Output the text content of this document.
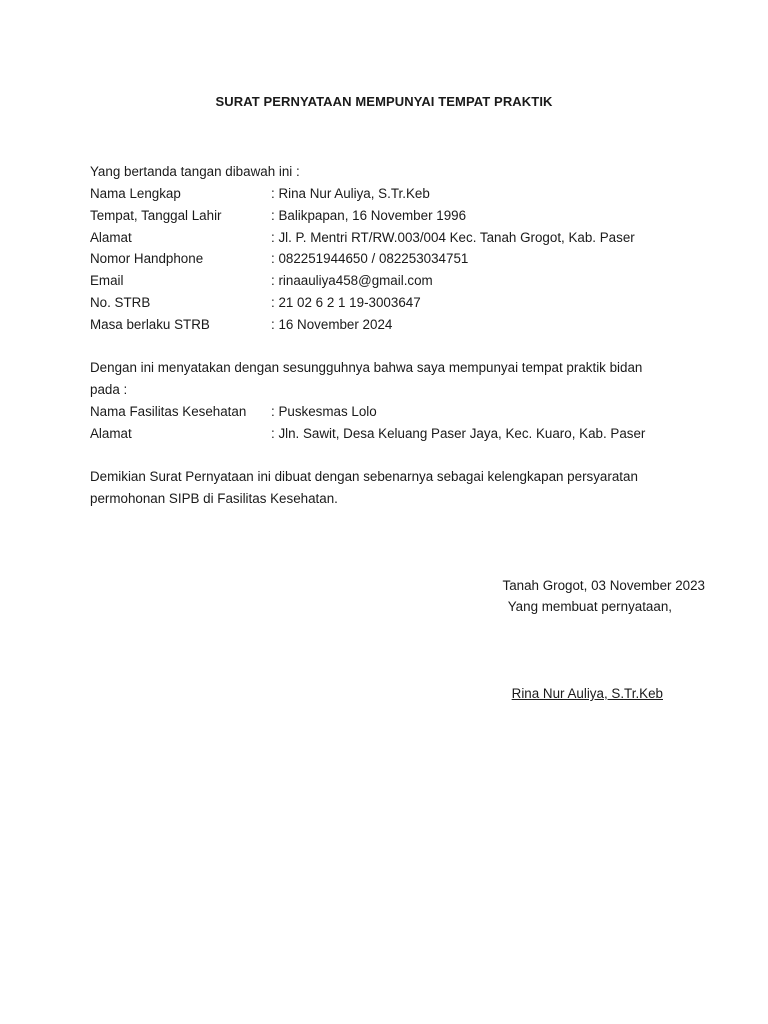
SURAT PERNYATAAN MEMPUNYAI TEMPAT PRAKTIK
Yang bertanda tangan dibawah ini :
Nama Lengkap	: Rina Nur Auliya, S.Tr.Keb
Tempat, Tanggal Lahir	: Balikpapan, 16 November 1996
Alamat	: Jl. P. Mentri RT/RW.003/004 Kec. Tanah Grogot, Kab. Paser
Nomor Handphone	: 082251944650 / 082253034751
Email	: rinaauliya458@gmail.com
No. STRB	: 21 02 6 2 1 19-3003647
Masa berlaku STRB	: 16 November 2024
Dengan ini menyatakan dengan sesungguhnya bahwa saya mempunyai tempat praktik bidan
pada :
Nama Fasilitas Kesehatan : Puskesmas Lolo
Alamat	: Jln. Sawit, Desa Keluang Paser Jaya, Kec. Kuaro, Kab. Paser
Demikian Surat Pernyataan ini dibuat dengan sebenarnya sebagai kelengkapan persyaratan
permohonan SIPB di Fasilitas Kesehatan.
Tanah Grogot, 03 November 2023
Yang membuat pernyataan,
Rina Nur Auliya, S.Tr.Keb
